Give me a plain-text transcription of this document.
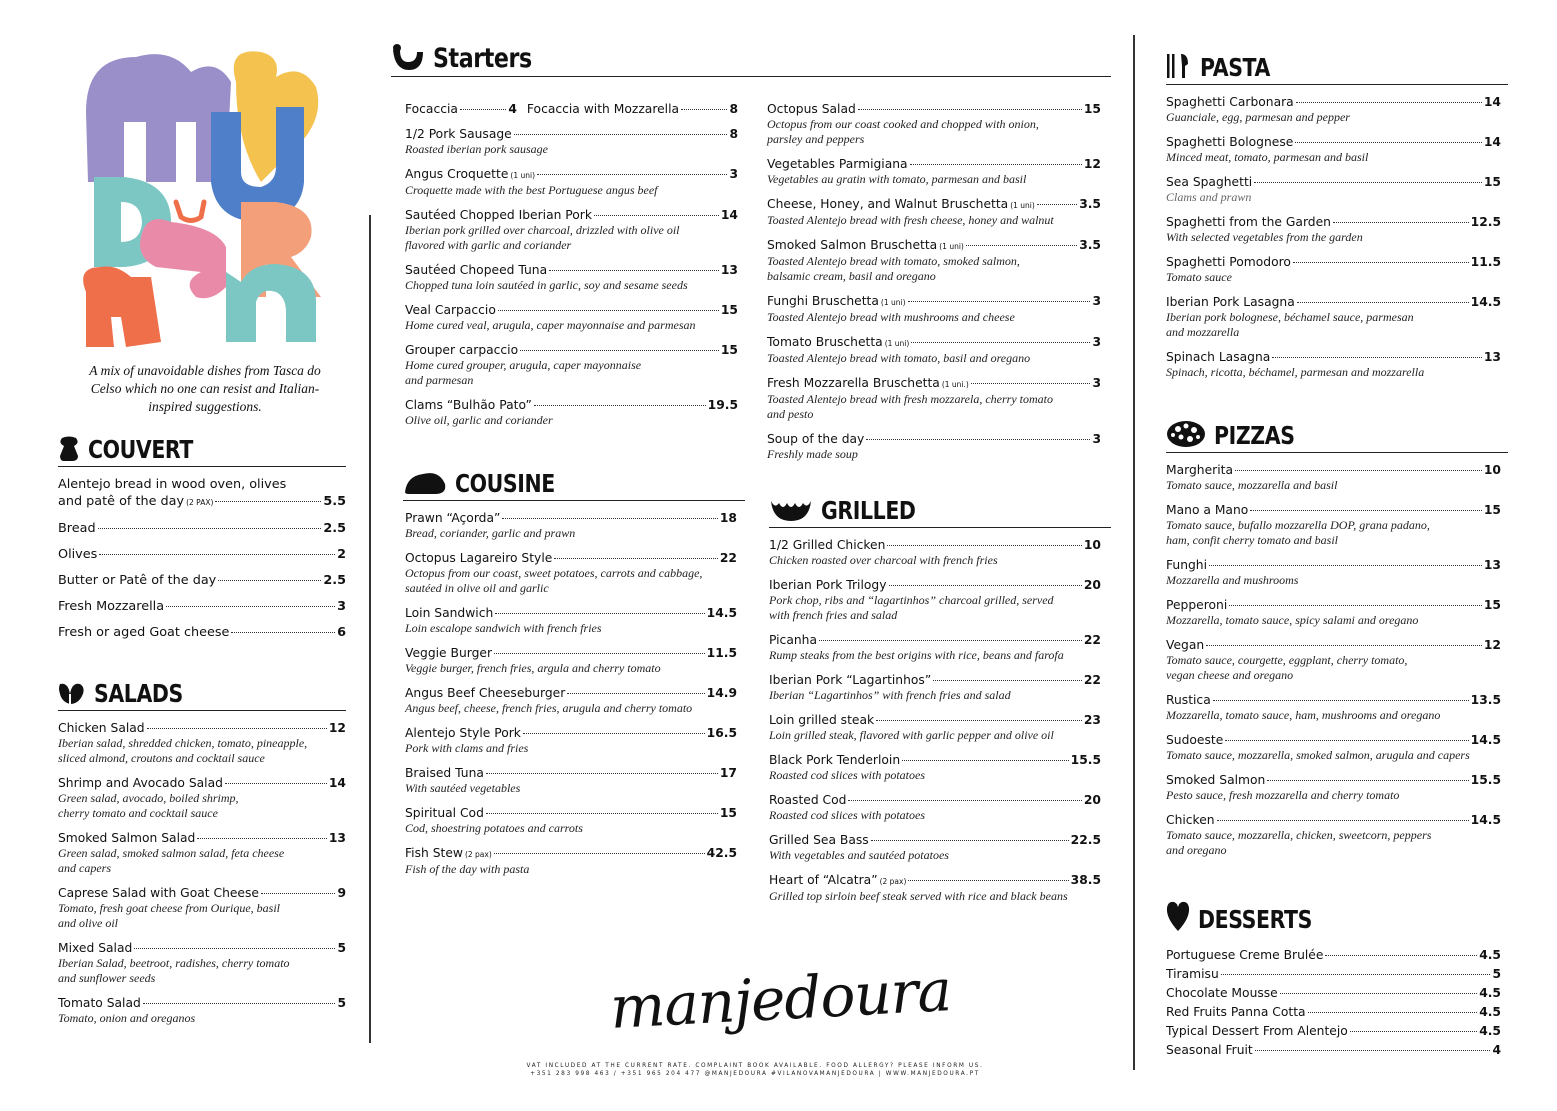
A mix of unavoidable dishes from Tasca do Celso which no one can resist and Italian-inspired suggestions.
COUVERT
Alentejo bread in wood oven, olives
and patê of the day (2 PAX)	5.5
Bread	2.5
Olives	2
Butter or Patê of the day	2.5
Fresh Mozzarella	3
Fresh or aged Goat cheese	6
SALADS
Chicken Salad	12
Iberian salad, shredded chicken, tomato, pineapple,
sliced almond, croutons and cocktail sauce
Shrimp and Avocado Salad	14
Green salad, avocado, boiled shrimp,
cherry tomato and cocktail sauce
Smoked Salmon Salad	13
Green salad, smoked salmon salad, feta cheese
and capers
Caprese Salad with Goat Cheese	9
Tomato, fresh goat cheese from Ourique, basil
and olive oil
Mixed Salad	5
Iberian Salad, beetroot, radishes, cherry tomato
and sunflower seeds
Tomato Salad	5
Tomato, onion and oreganos
Starters
Focaccia	4 Focaccia with Mozzarella	8
1/2 Pork Sausage	8
Roasted iberian pork sausage
Angus Croquette (1 uni)	3
Croquette made with the best Portuguese angus beef
Sautéed Chopped Iberian Pork	14
Iberian pork grilled over charcoal, drizzled with olive oil
flavored with garlic and coriander
Sautéed Chopeed Tuna	13
Chopped tuna loin sautéed in garlic, soy and sesame seeds
Veal Carpaccio	15
Home cured veal, arugula, caper mayonnaise and parmesan
Grouper carpaccio	15
Home cured grouper, arugula, caper mayonnaise
and parmesan
Clams “Bulhão Pato”	19.5
Olive oil, garlic and coriander
Octopus Salad	15
Octopus from our coast cooked and chopped with onion,
parsley and peppers
Vegetables Parmigiana	12
Vegetables au gratin with tomato, parmesan and basil
Cheese, Honey, and Walnut Bruschetta (1 uni)	3.5
Toasted Alentejo bread with fresh cheese, honey and walnut
Smoked Salmon Bruschetta (1 uni)	3.5
Toasted Alentejo bread with tomato, smoked salmon,
balsamic cream, basil and oregano
Funghi Bruschetta (1 uni)	3
Toasted Alentejo bread with mushrooms and cheese
Tomato Bruschetta (1 uni)	3
Toasted Alentejo bread with tomato, basil and oregano
Fresh Mozzarella Bruschetta (1 uni.)	3
Toasted Alentejo bread with fresh mozzarela, cherry tomato
and pesto
Soup of the day	3
Freshly made soup
COUSINE
Prawn “Açorda”	18
Bread, coriander, garlic and prawn
Octopus Lagareiro Style	22
Octopus from our coast, sweet potatoes, carrots and cabbage,
sautéed in olive oil and garlic
Loin Sandwich	14.5
Loin escalope sandwich with french fries
Veggie Burger	11.5
Veggie burger, french fries, argula and cherry tomato
Angus Beef Cheeseburger	14.9
Angus beef, cheese, french fries, arugula and cherry tomato
Alentejo Style Pork	16.5
Pork with clams and fries
Braised Tuna	17
With sautéed vegetables
Spiritual Cod	15
Cod, shoestring potatoes and carrots
Fish Stew (2 pax)	42.5
Fish of the day with pasta
GRILLED
1/2 Grilled Chicken	10
Chicken roasted over charcoal with french fries
Iberian Pork Trilogy	20
Pork chop, ribs and “lagartinhos” charcoal grilled, served
with french fries and salad
Picanha	22
Rump steaks from the best origins with rice, beans and farofa
Iberian Pork “Lagartinhos”	22
Iberian “Lagartinhos” with french fries and salad
Loin grilled steak	23
Loin grilled steak, flavored with garlic pepper and olive oil
Black Pork Tenderloin	15.5
Roasted cod slices with potatoes
Roasted Cod	20
Roasted cod slices with potatoes
Grilled Sea Bass	22.5
With vegetables and sautéed potatoes
Heart of “Alcatra” (2 pax)	38.5
Grilled top sirloin beef steak served with rice and black beans
manjedoura
VAT INCLUDED AT THE CURRENT RATE. COMPLAINT BOOK AVAILABLE. FOOD ALLERGY? PLEASE INFORM US.
+351 283 998 463 / +351 965 204 477 @MANJEDOURA #VILANOVAMANJEDOURA | WWW.MANJEDOURA.PT
PASTA
Spaghetti Carbonara	14
Guanciale, egg, parmesan and pepper
Spaghetti Bolognese	14
Minced meat, tomato, parmesan and basil
Sea Spaghetti	15
Clams and prawn
Spaghetti from the Garden	12.5
With selected vegetables from the garden
Spaghetti Pomodoro	11.5
Tomato sauce
Iberian Pork Lasagna	14.5
Iberian pork bolognese, béchamel sauce, parmesan
and mozzarella
Spinach Lasagna	13
Spinach, ricotta, béchamel, parmesan and mozzarella
PIZZAS
Margherita	10
Tomato sauce, mozzarella and basil
Mano a Mano	15
Tomato sauce, bufallo mozzarella DOP, grana padano,
ham, confit cherry tomato and basil
Funghi	13
Mozzarella and mushrooms
Pepperoni	15
Mozzarella, tomato sauce, spicy salami and oregano
Vegan	12
Tomato sauce, courgette, eggplant, cherry tomato,
vegan cheese and oregano
Rustica	13.5
Mozzarella, tomato sauce, ham, mushrooms and oregano
Sudoeste	14.5
Tomato sauce, mozzarella, smoked salmon, arugula and capers
Smoked Salmon	15.5
Pesto sauce, fresh mozzarella and cherry tomato
Chicken	14.5
Tomato sauce, mozzarella, chicken, sweetcorn, peppers
and oregano
DESSERTS
Portuguese Creme Brulée	4.5
Tiramisu	5
Chocolate Mousse	4.5
Red Fruits Panna Cotta	4.5
Typical Dessert From Alentejo	4.5
Seasonal Fruit	4
